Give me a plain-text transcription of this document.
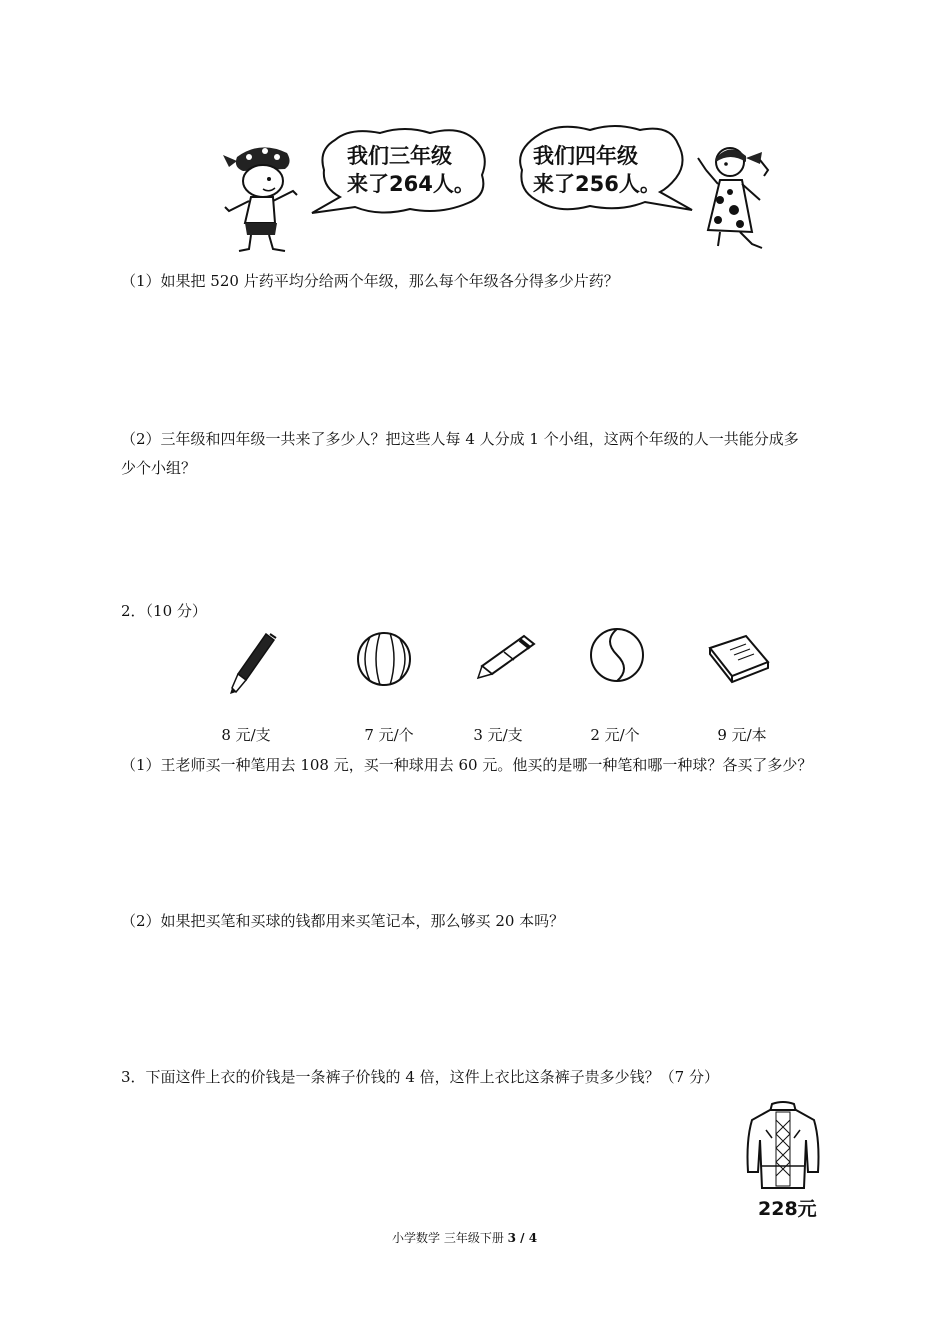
我们三年级
来了264人。
我们四年级
来了256人。
（1）如果把 520 片药平均分给两个年级，那么每个年级各分得多少片药？
（2）三年级和四年级一共来了多少人？把这些人每 4 人分成 1 个小组，这两个年级的人一共能分成多
少个小组？
2．（10 分）
8 元/支	7 元/个	3 元/支	2 元/个	9 元/本
（1）王老师买一种笔用去 108 元，买一种球用去 60 元。他买的是哪一种笔和哪一种球？各买了多少？
（2）如果把买笔和买球的钱都用来买笔记本，那么够买 20 本吗？
3．下面这件上衣的价钱是一条裤子价钱的 4 倍，这件上衣比这条裤子贵多少钱？（7 分）
228元
小学数学 三年级下册 3 / 4
